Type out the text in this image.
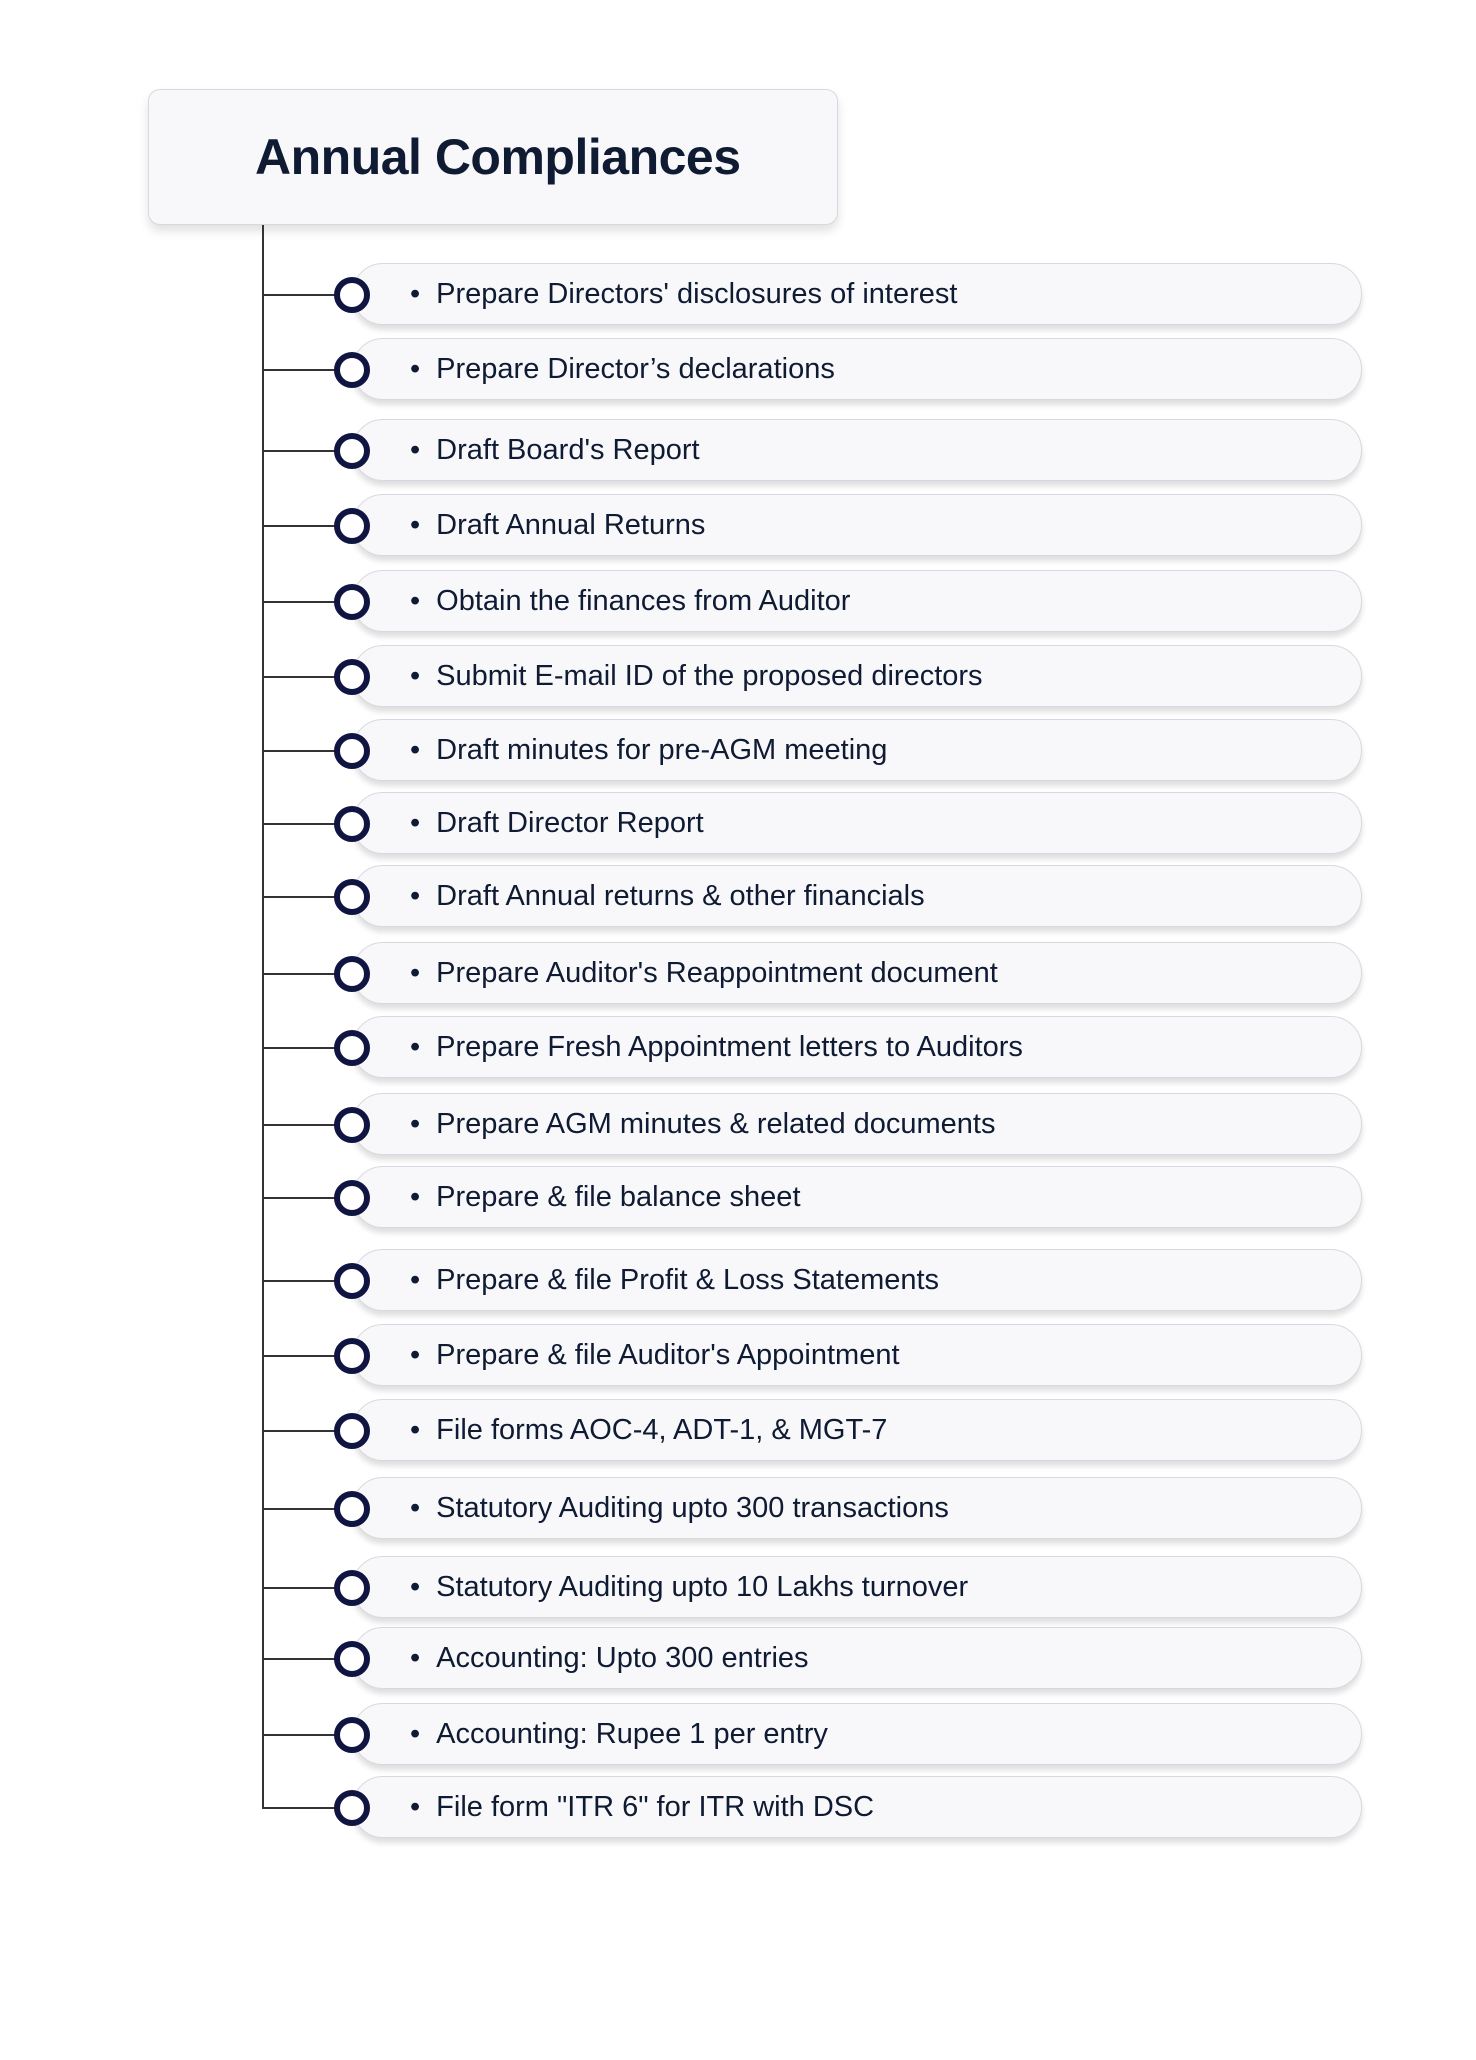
Annual Compliances
• Prepare Directors' disclosures of interest
• Prepare Director’s declarations
• Draft Board's Report
• Draft Annual Returns
• Obtain the finances from Auditor
• Submit E-mail ID of the proposed directors
• Draft minutes for pre-AGM meeting
• Draft Director Report
• Draft Annual returns & other financials
• Prepare Auditor's Reappointment document
• Prepare Fresh Appointment letters to Auditors
• Prepare AGM minutes & related documents
• Prepare & file balance sheet
• Prepare & file Profit & Loss Statements
• Prepare & file Auditor's Appointment
• File forms AOC-4, ADT-1, & MGT-7
• Statutory Auditing upto 300 transactions
• Statutory Auditing upto 10 Lakhs turnover
• Accounting: Upto 300 entries
• Accounting: Rupee 1 per entry
• File form "ITR 6" for ITR with DSC
